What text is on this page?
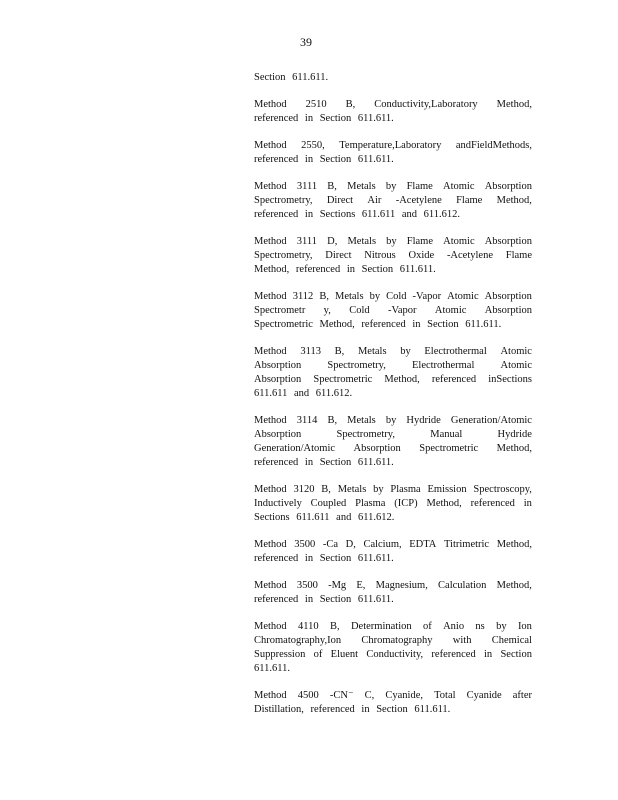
39
Section 611.611.
Method 2510 B, Conductivity,Laboratory Method,
referenced in Section 611.611.
Method 2550, Temperature,Laboratory andFieldMethods,
referenced in Section 611.611.
Method 3111 B, Metals by Flame Atomic Absorption
Spectrometry, Direct Air -Acetylene Flame Method,
referenced in Sections 611.611 and 611.612.
Method 3111 D, Metals by Flame Atomic Absorption
Spectrometry, Direct Nitrous Oxide -Acetylene Flame
Method, referenced in Section 611.611.
Method 3112 B, Metals by Cold -Vapor Atomic Absorption
Spectrometr y, Cold -Vapor Atomic Absorption
Spectrometric Method, referenced in Section 611.611.
Method 3113 B, Metals by Electrothermal Atomic
Absorption Spectrometry, Electrothermal Atomic
Absorption Spectrometric Method, referenced inSections
611.611 and 611.612.
Method 3114 B, Metals by Hydride Generation/Atomic
Absorption	Spectrometry,	Manual	Hydride
Generation/Atomic Absorption Spectrometric Method,
referenced in Section 611.611.
Method 3120 B, Metals by Plasma Emission Spectroscopy,
Inductively Coupled Plasma (ICP) Method, referenced in
Sections 611.611 and 611.612.
Method 3500 -Ca D, Calcium, EDTA Titrimetric Method,
referenced in Section 611.611.
Method 3500 -Mg E, Magnesium, Calculation Method,
referenced in Section 611.611.
Method 4110 B, Determination of Anio ns by Ion
Chromatography,Ion Chromatography with Chemical
Suppression of Eluent Conductivity, referenced in Section
611.611.
Method 4500 -CN⁻ C, Cyanide, Total Cyanide after
Distillation, referenced in Section 611.611.
